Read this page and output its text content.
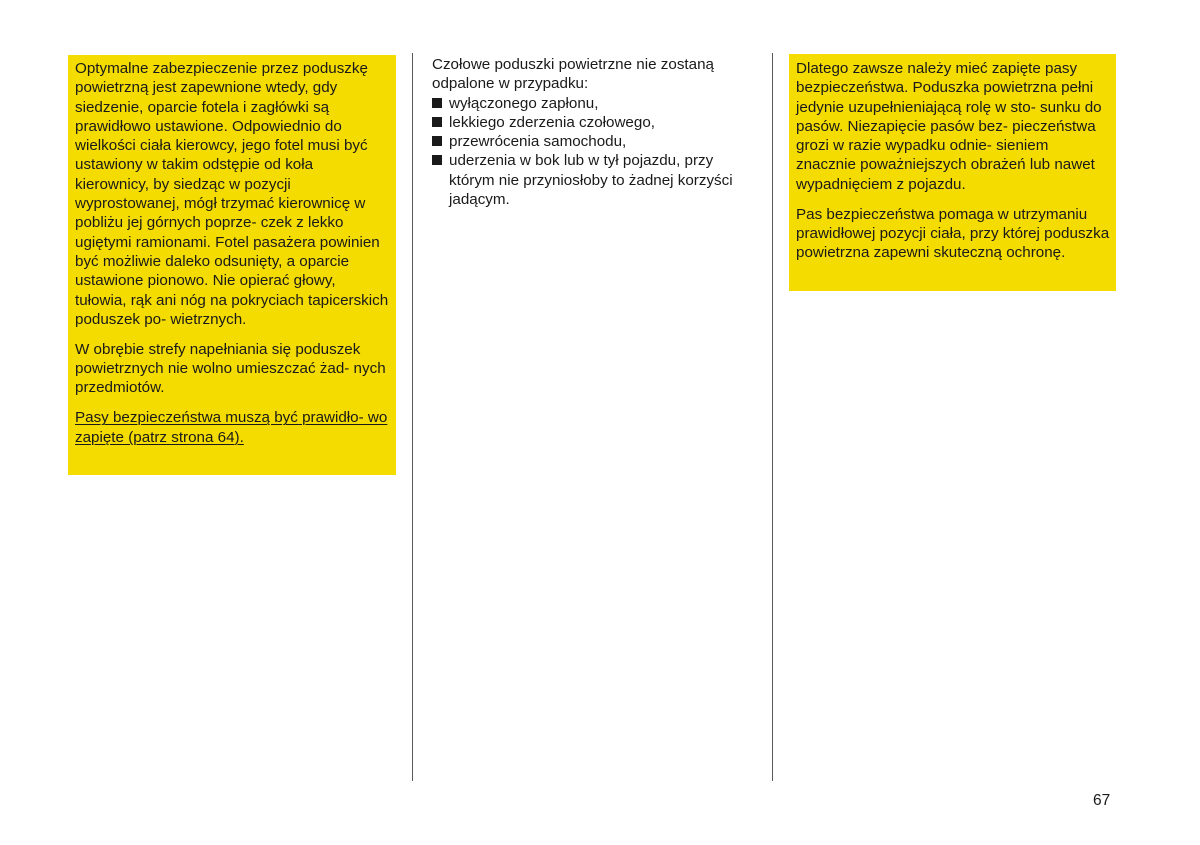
Optymalne zabezpieczenie przez poduszkę powietrzną jest zapewnione wtedy, gdy siedzenie, oparcie fotela i zagłówki są prawidłowo ustawione. Odpowiednio do wielkości ciała kierowcy, jego fotel musi być ustawiony w takim odstępie od koła kierownicy, by siedząc w pozycji wyprostowanej, mógł trzymać kierownicę w pobliżu jej górnych poprze- czek z lekko ugiętymi ramionami. Fotel pasażera powinien być możliwie daleko odsunięty, a oparcie ustawione pionowo. Nie opierać głowy, tułowia, rąk ani nóg na pokryciach tapicerskich poduszek po- wietrznych.

W obrębie strefy napełniania się poduszek powietrznych nie wolno umieszczać żad- nych przedmiotów.

Pasy bezpieczeństwa muszą być prawidło- wo zapięte (patrz strona 64).

Czołowe poduszki powietrzne nie zostaną odpalone w przypadku:

wyłączonego zapłonu,
lekkiego zderzenia czołowego,
przewrócenia samochodu,
uderzenia w bok lub w tył pojazdu, przy którym nie przyniosłoby to żadnej korzyści jadącym.

Dlatego zawsze należy mieć zapięte pasy bezpieczeństwa. Poduszka powietrzna pełni jedynie uzupełnieniającą rolę w sto- sunku do pasów. Niezapięcie pasów bez- pieczeństwa grozi w razie wypadku odnie- sieniem znacznie poważniejszych obrażeń lub nawet wypadnięciem z pojazdu.

Pas bezpieczeństwa pomaga w utrzymaniu prawidłowej pozycji ciała, przy której poduszka powietrzna zapewni skuteczną ochronę.

67
